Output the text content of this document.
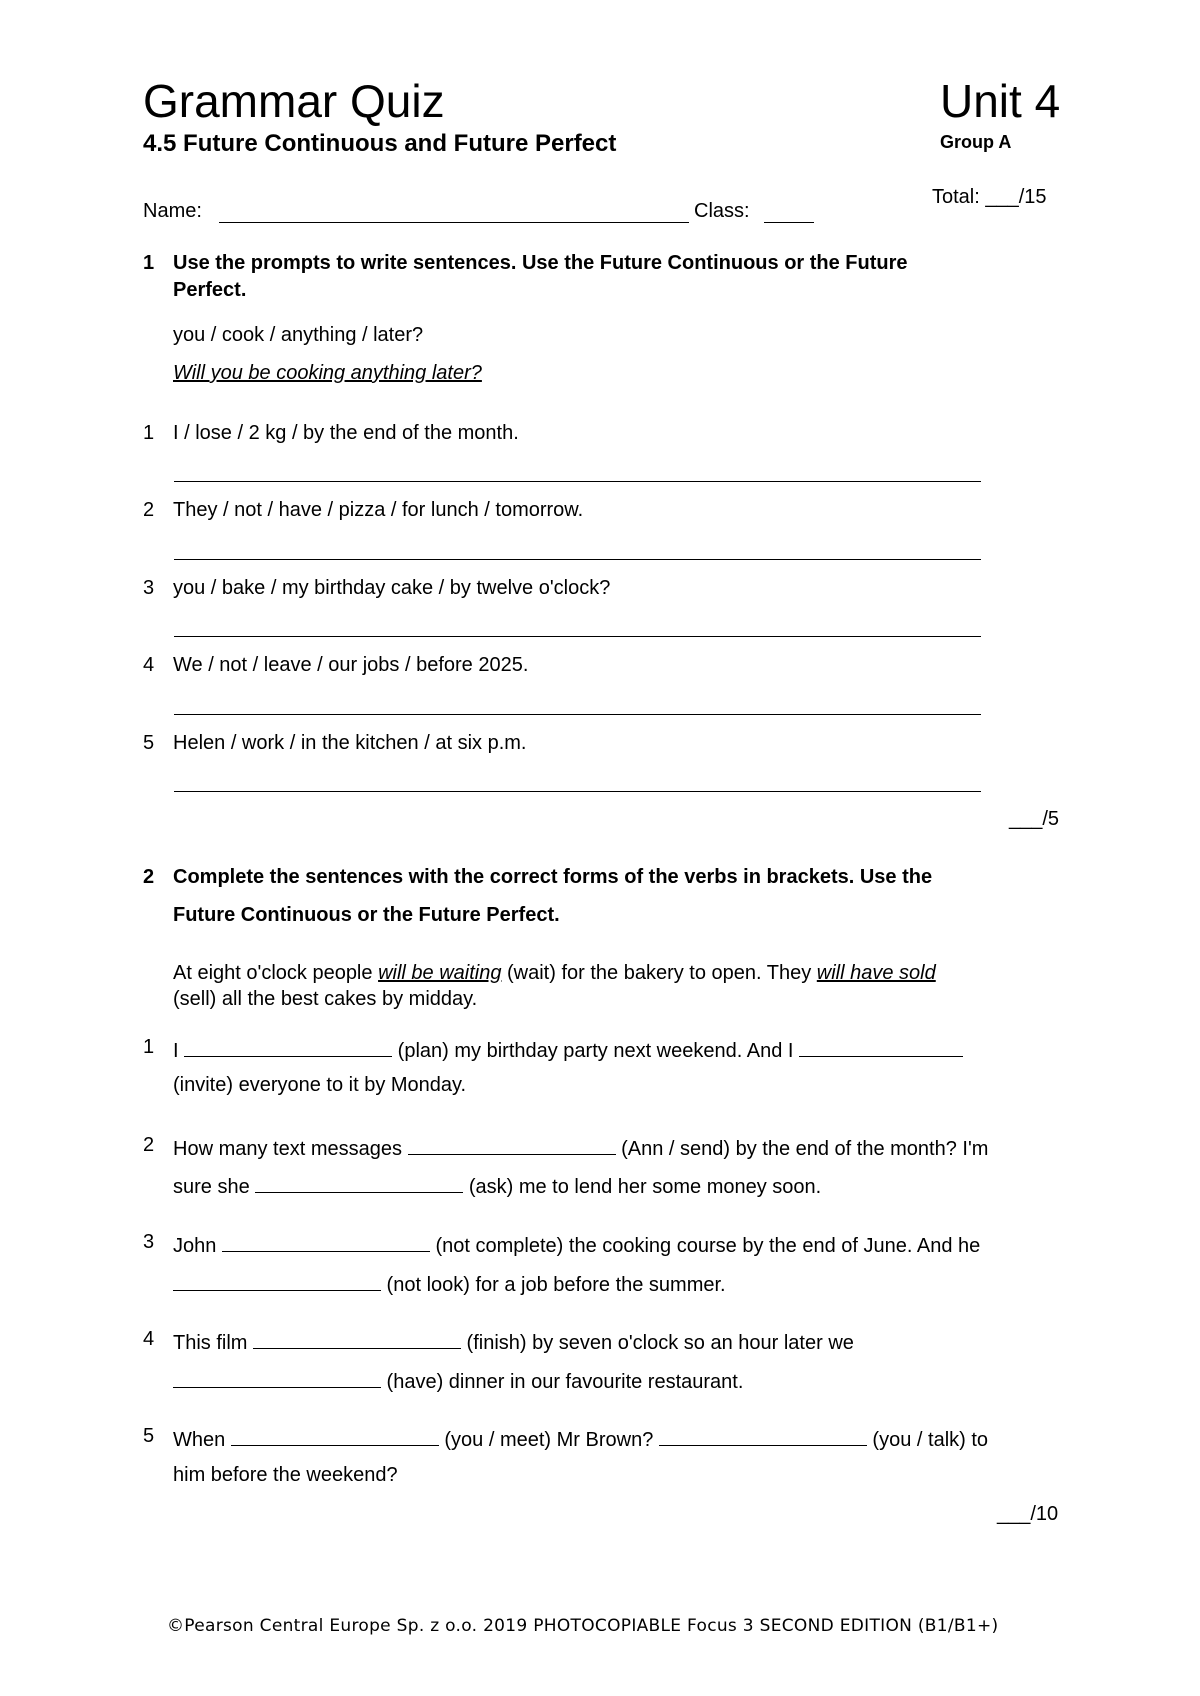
Grammar Quiz	Unit 4
4.5 Future Continuous and Future Perfect	Group A
Total: ___/15
Name:	Class:
1 Use the prompts to write sentences. Use the Future Continuous or the Future
Perfect.
you / cook / anything / later?
Will you be cooking anything later?
1 I / lose / 2 kg / by the end of the month.
2 They / not / have / pizza / for lunch / tomorrow.
3 you / bake / my birthday cake / by twelve o'clock?
4 We / not / leave / our jobs / before 2025.
5 Helen / work / in the kitchen / at six p.m.
___/5
2 Complete the sentences with the correct forms of the verbs in brackets. Use the
Future Continuous or the Future Perfect.
At eight o'clock people will be waiting (wait) for the bakery to open. They will have sold
(sell) all the best cakes by midday.
1 I	(plan) my birthday party next weekend. And I
(invite) everyone to it by Monday.
2 How many text messages	(Ann / send) by the end of the month? I'm
sure she	(ask) me to lend her some money soon.
3 John	(not complete) the cooking course by the end of June. And he
(not look) for a job before the summer.
4 This film	(finish) by seven o'clock so an hour later we
(have) dinner in our favourite restaurant.
5 When	(you / meet) Mr Brown?	(you / talk) to
him before the weekend?
___/10
©Pearson Central Europe Sp. z o.o. 2019 PHOTOCOPIABLE Focus 3 SECOND EDITION (B1/B1+)
